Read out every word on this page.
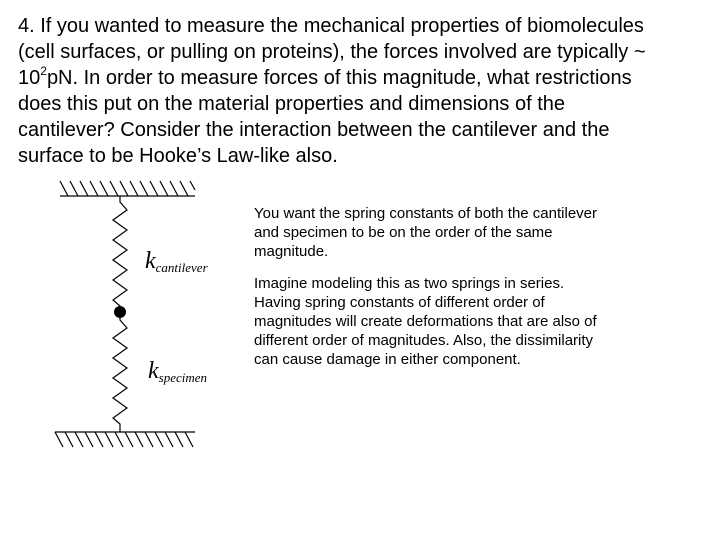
4. If you wanted to measure the mechanical properties of biomolecules
(cell surfaces, or pulling on proteins), the forces involved are typically ~
$10^2pN$. In order to measure forces of this magnitude, what restrictions
does this put on the material properties and dimensions of the
cantilever? Consider the interaction between the cantilever and the
surface to be Hooke’s Law-like also.
kcantilever
kspecimen

You want the spring constants of both the cantilever
and specimen to be on the order of the same
magnitude.

Imagine modeling this as two springs in series.
Having spring constants of different order of
magnitudes will create deformations that are also of
different order of magnitudes. Also, the dissimilarity
can cause damage in either component.
